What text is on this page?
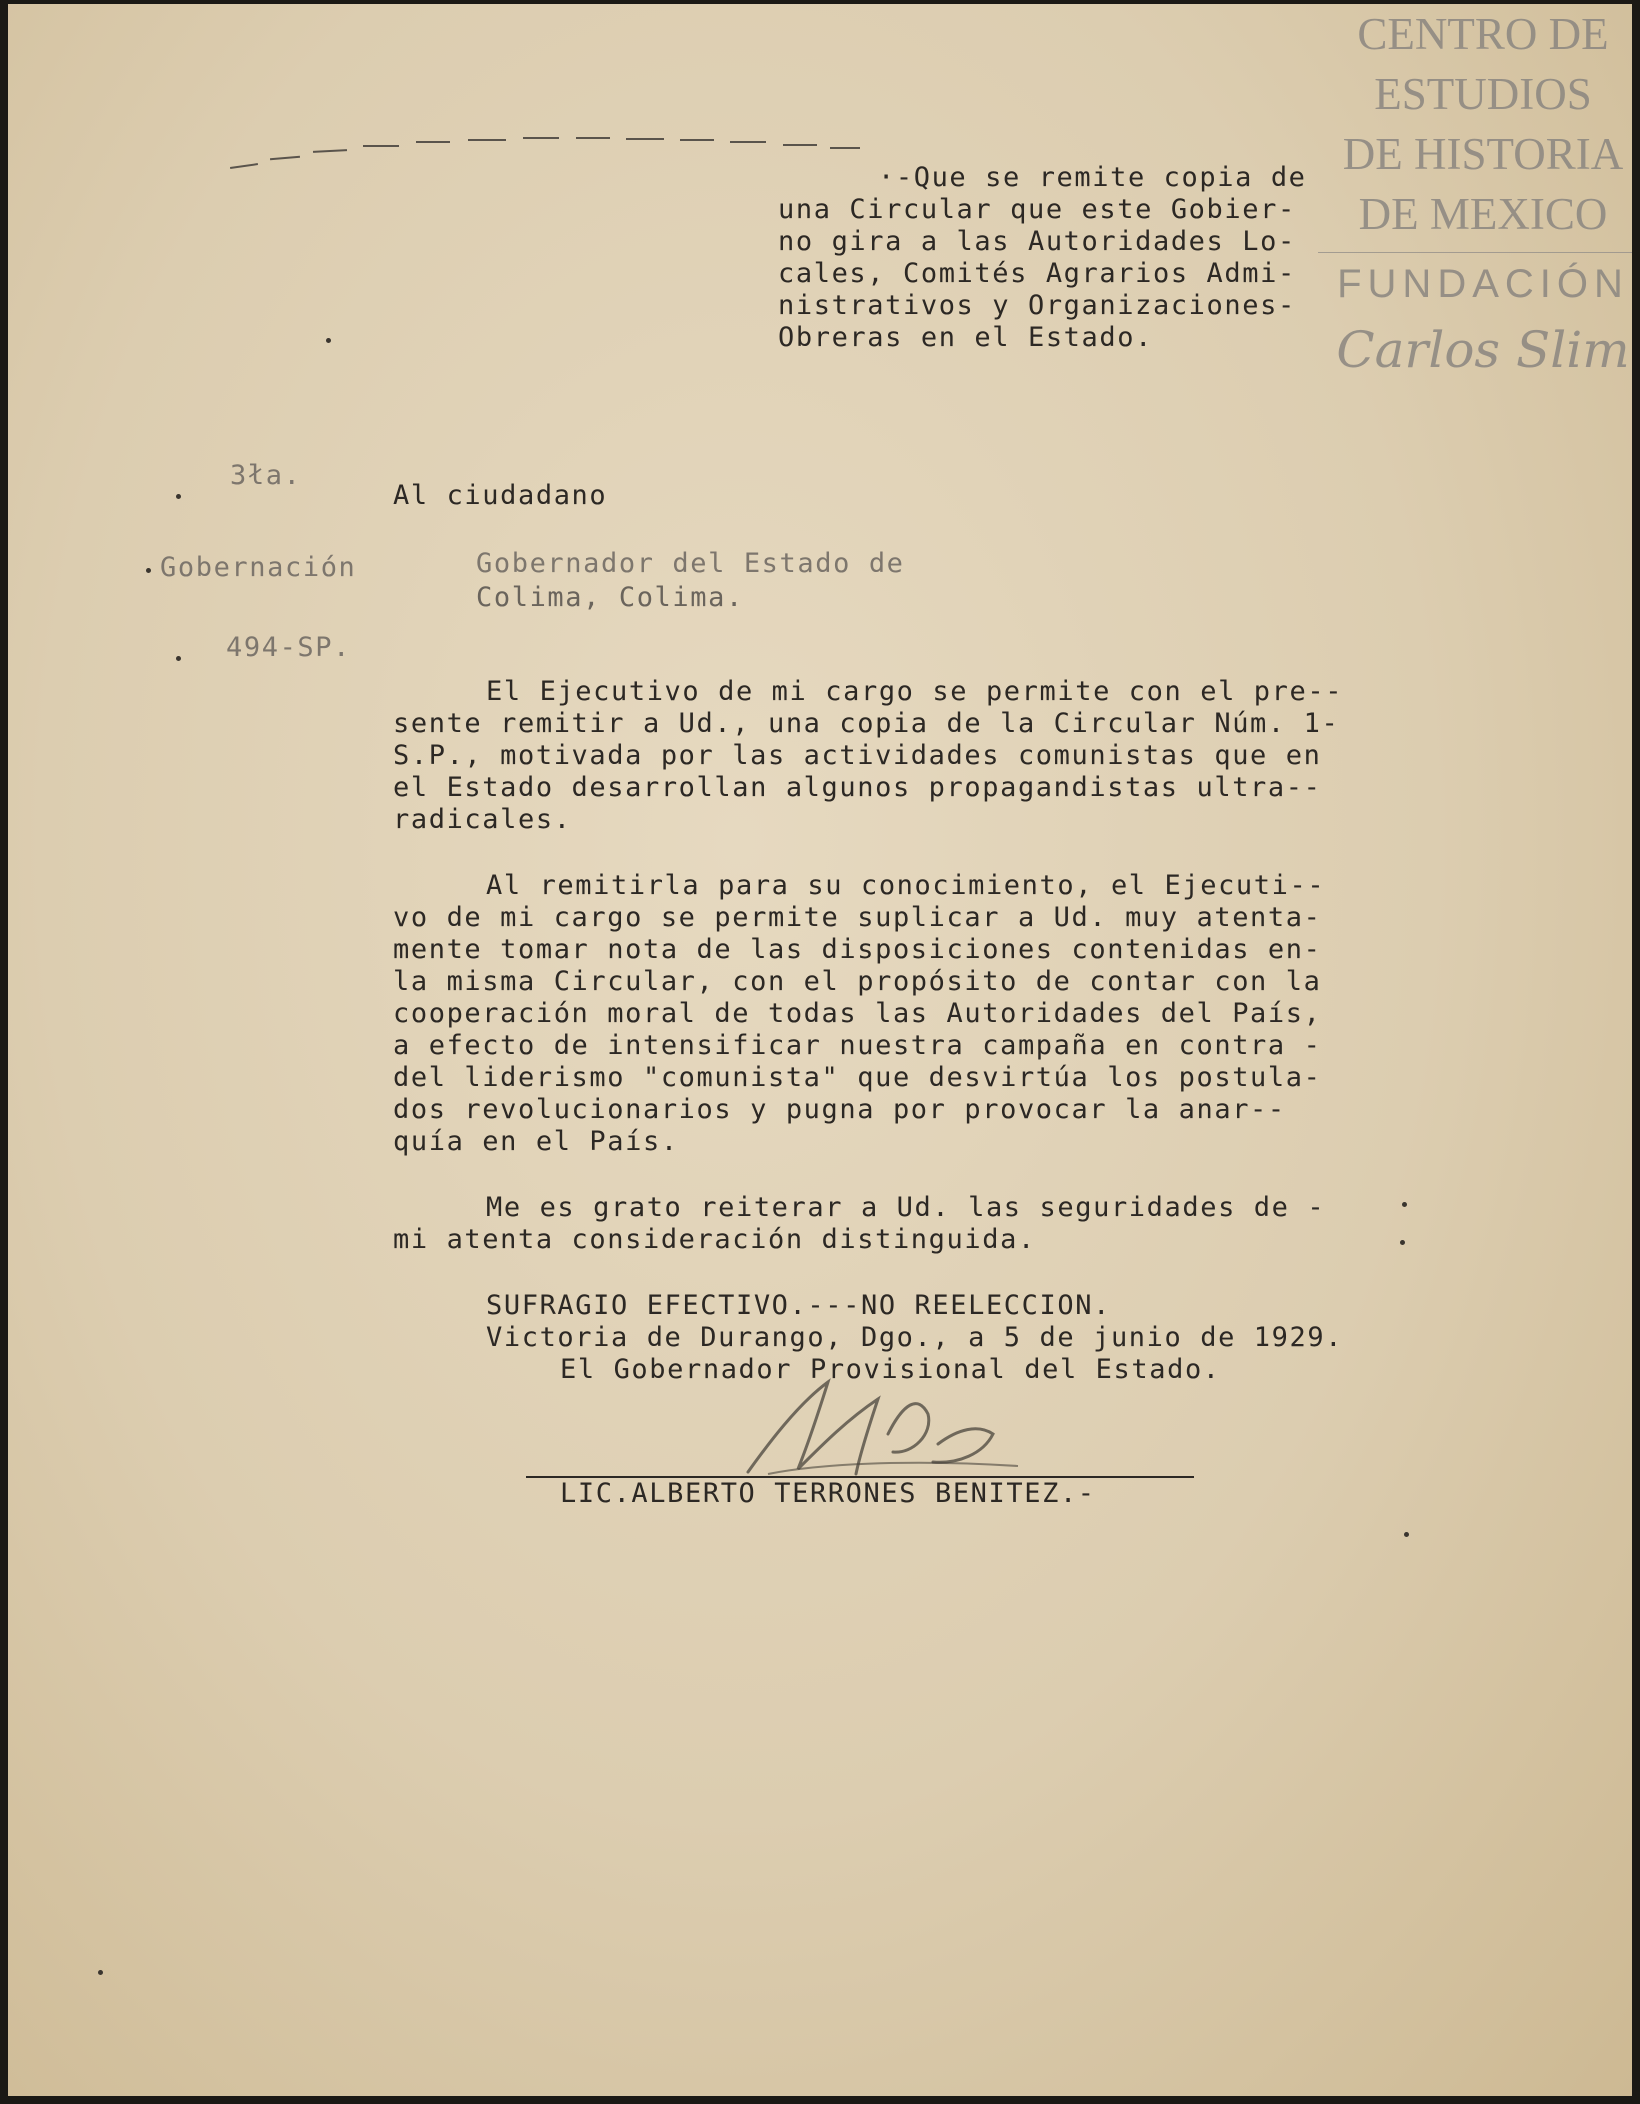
CENTRO DE
ESTUDIOS
DE HISTORIA
DE MEXICO
FUNDACIÓN
Carlos Slim
·-Que se remite copia de
una Circular que este Gobier-
no gira a las Autoridades Lo-
cales, Comités Agrarios Admi-
nistrativos y Organizaciones-
Obreras en el Estado.
3ła.
Gobernación
494-SP.
Al ciudadano
Gobernador del Estado de
Colima, Colima.
El Ejecutivo de mi cargo se permite con el pre--
sente remitir a Ud., una copia de la Circular Núm. 1-
S.P., motivada por las actividades comunistas que en
el Estado desarrollan algunos propagandistas ultra--
radicales.
Al remitirla para su conocimiento, el Ejecuti--
vo de mi cargo se permite suplicar a Ud. muy atenta-
mente tomar nota de las disposiciones contenidas en-
la misma Circular, con el propósito de contar con la
cooperación moral de todas las Autoridades del País,
a efecto de intensificar nuestra campaña en contra -
del liderismo "comunista" que desvirtúa los postula-
dos revolucionarios y pugna por provocar la anar--
quía en el País.
Me es grato reiterar a Ud. las seguridades de -
mi atenta consideración distinguida.
SUFRAGIO EFECTIVO.---NO REELECCION.
Victoria de Durango, Dgo., a 5 de junio de 1929.
El Gobernador Provisional del Estado.
LIC.ALBERTO TERRONES BENITEZ.-
